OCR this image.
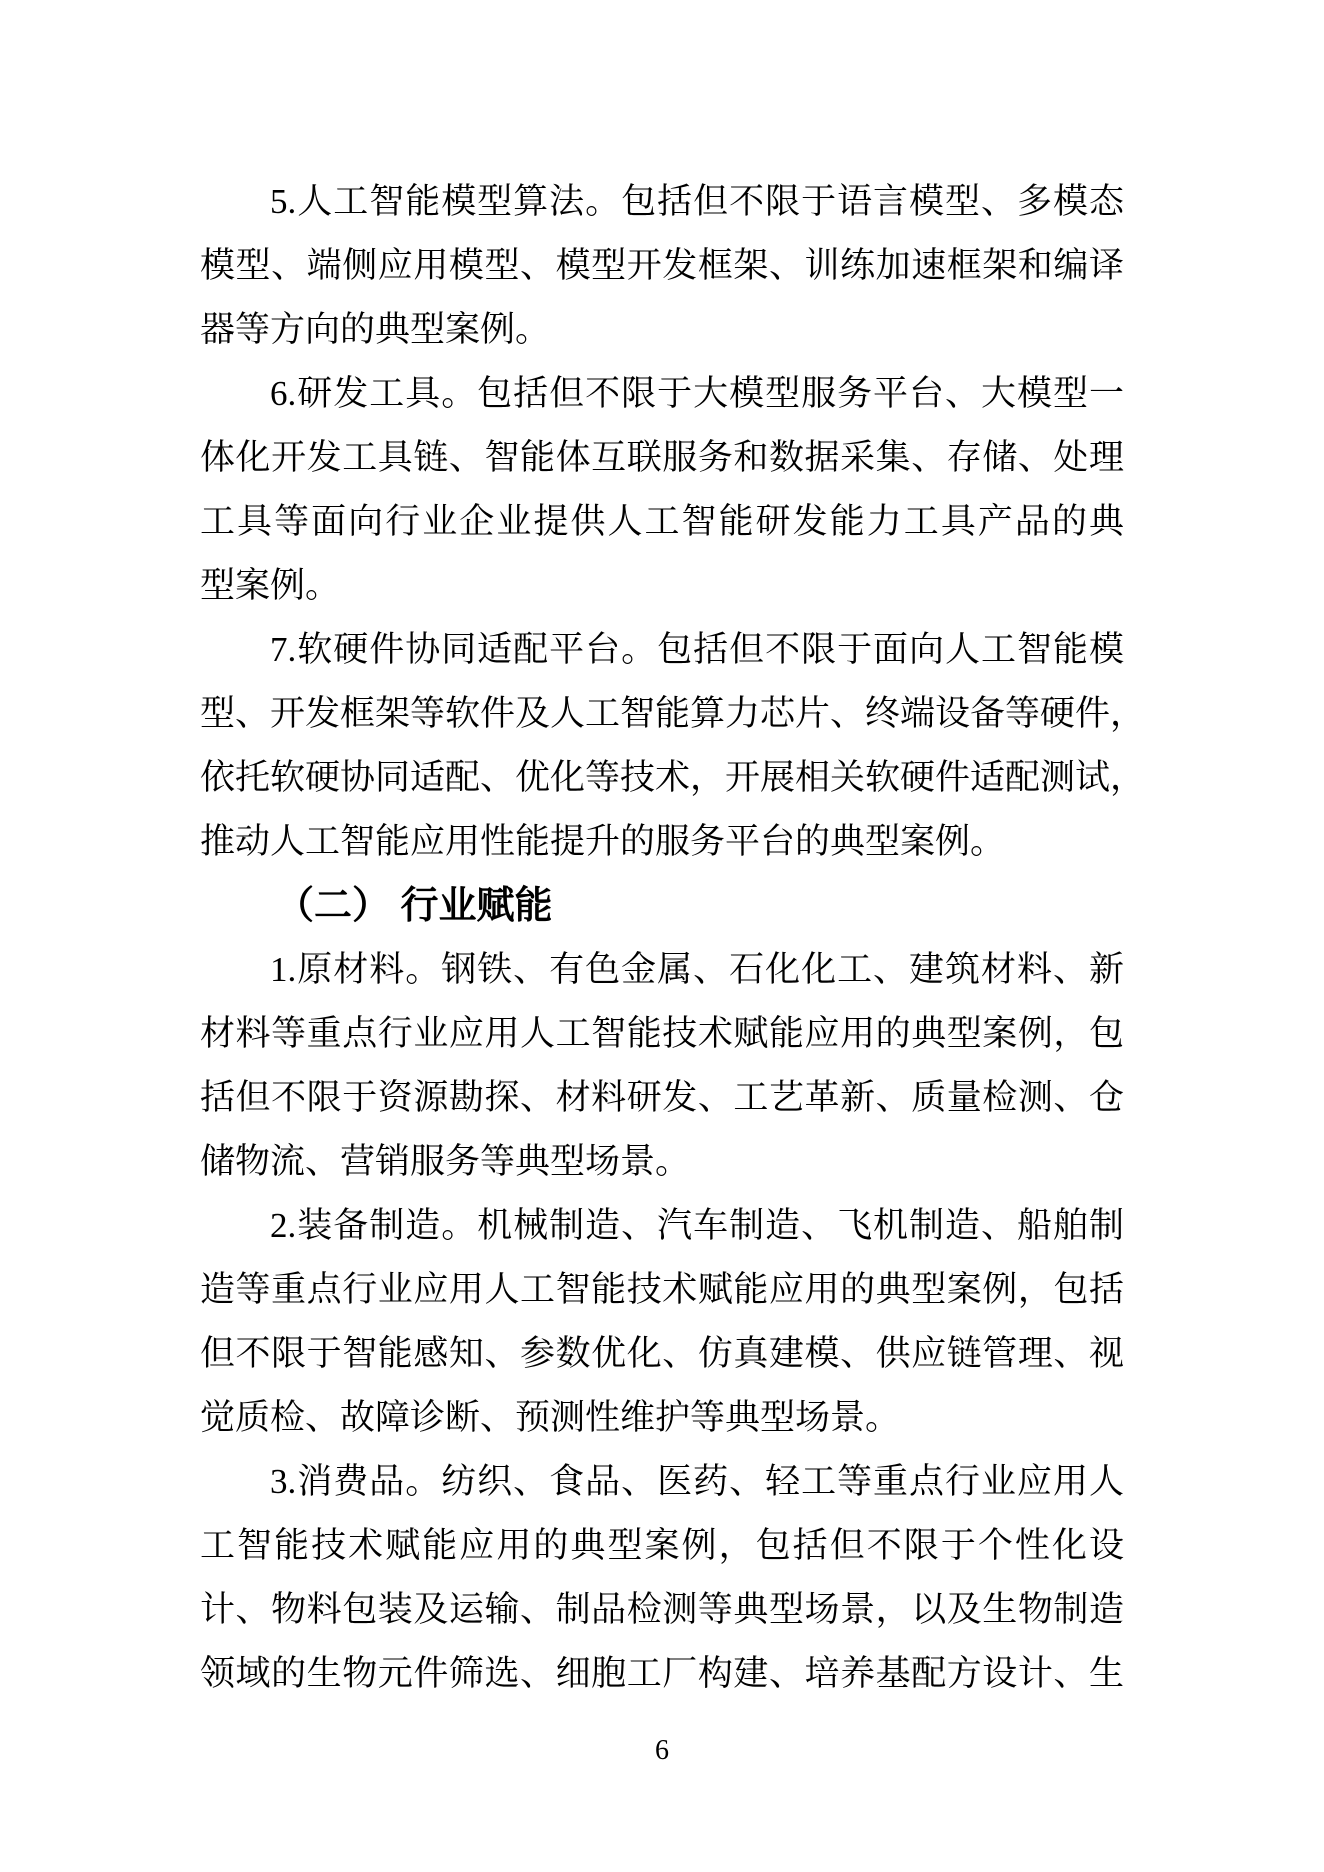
5.人工智能模型算法。包括但不限于语言模型、多模态
模型、端侧应用模型、模型开发框架、训练加速框架和编译
器等方向的典型案例。
6.研发工具。包括但不限于大模型服务平台、大模型一
体化开发工具链、智能体互联服务和数据采集、存储、处理
工具等面向行业企业提供人工智能研发能力工具产品的典
型案例。
7.软硬件协同适配平台。包括但不限于面向人工智能模
型、开发框架等软件及人工智能算力芯片、终端设备等硬件，
依托软硬协同适配、优化等技术，开展相关软硬件适配测试，
推动人工智能应用性能提升的服务平台的典型案例。
（二） 行业赋能
1.原材料。钢铁、有色金属、石化化工、建筑材料、新
材料等重点行业应用人工智能技术赋能应用的典型案例，包
括但不限于资源勘探、材料研发、工艺革新、质量检测、仓
储物流、营销服务等典型场景。
2.装备制造。机械制造、汽车制造、飞机制造、船舶制
造等重点行业应用人工智能技术赋能应用的典型案例，包括
但不限于智能感知、参数优化、仿真建模、供应链管理、视
觉质检、故障诊断、预测性维护等典型场景。
3.消费品。纺织、食品、医药、轻工等重点行业应用人
工智能技术赋能应用的典型案例，包括但不限于个性化设
计、物料包装及运输、制品检测等典型场景，以及生物制造
领域的生物元件筛选、细胞工厂构建、培养基配方设计、生
6
